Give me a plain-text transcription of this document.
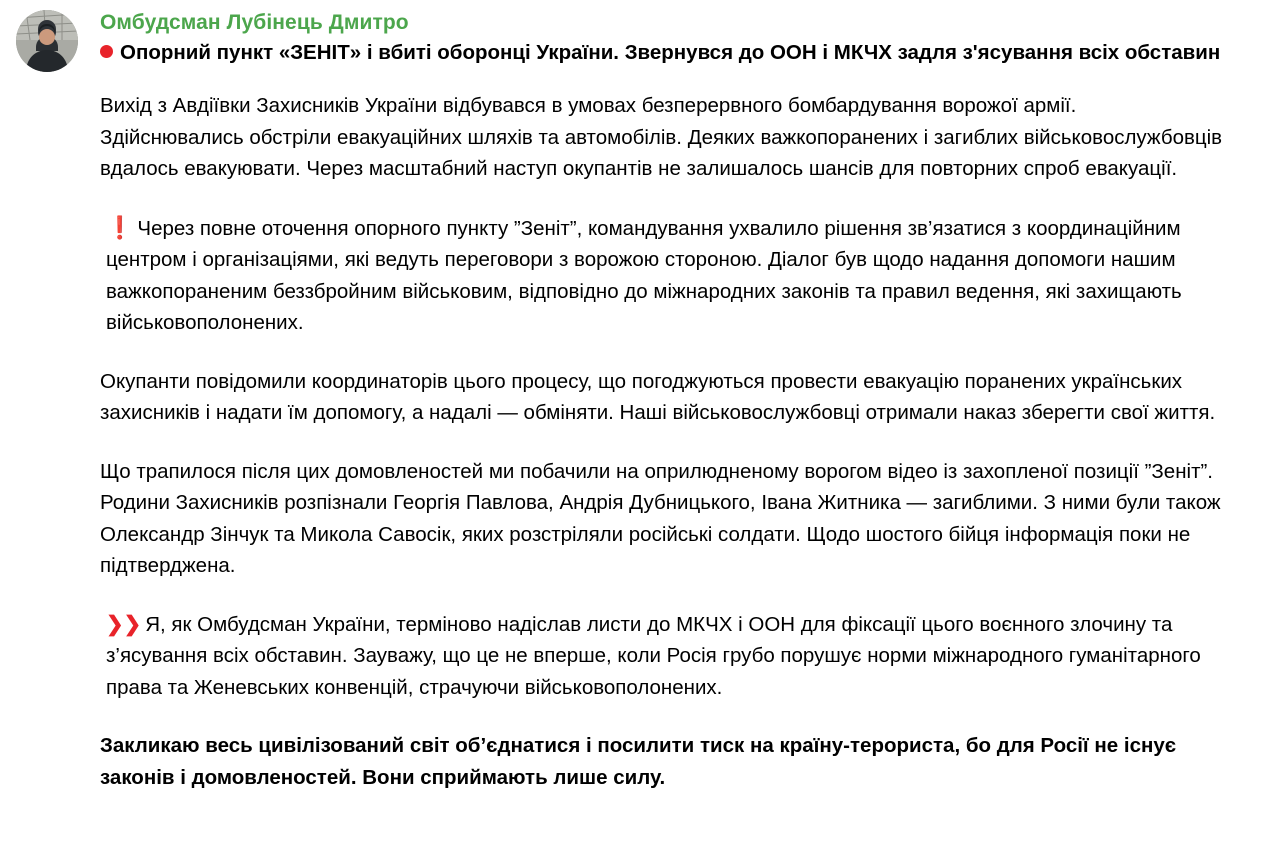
Омбудсман Лубінець Дмитро
Опорний пункт «ЗЕНІТ» і вбиті оборонці України. Звернувся до ООН і МКЧХ задля з'ясування всіх обставин

Вихід з Авдіївки Захисників України відбувався в умовах безперервного бомбардування ворожої армії. Здійснювались обстріли евакуаційних шляхів та автомобілів. Деяких важкопоранених і загиблих військовослужбовців вдалось евакуювати. Через масштабний наступ окупантів не залишалось шансів для повторних спроб евакуації.

❗ Через повне оточення опорного пункту ”Зеніт”, командування ухвалило рішення зв’язатися з координаційним центром і організаціями, які ведуть переговори з ворожою стороною. Діалог був щодо надання допомоги нашим важкопораненим беззбройним військовим, відповідно до міжнародних законів та правил ведення, які захищають військовополонених.

Окупанти повідомили координаторів цього процесу, що погоджуються провести евакуацію поранених українських захисників і надати їм допомогу, а надалі — обміняти. Наші військовослужбовці отримали наказ зберегти свої життя.

Що трапилося після цих домовленостей ми побачили на оприлюдненому ворогом відео із захопленої позиції ”Зеніт”. Родини Захисників розпізнали Георгія Павлова, Андрія Дубницького, Івана Житника — загиблими. З ними були також Олександр Зінчук та Микола Савосік, яких розстріляли російські солдати. Щодо шостого бійця інформація поки не підтверджена.

❯❯ Я, як Омбудсман України, терміново надіслав листи до МКЧХ і ООН для фіксації цього воєнного злочину та з’ясування всіх обставин. Зауважу, що це не вперше, коли Росія грубо порушує норми міжнародного гуманітарного права та Женевських конвенцій, страчуючи військовополонених.

Закликаю весь цивілізований світ об’єднатися і посилити тиск на країну-терориста, бо для Росії не існує законів і домовленостей. Вони сприймають лише силу.
